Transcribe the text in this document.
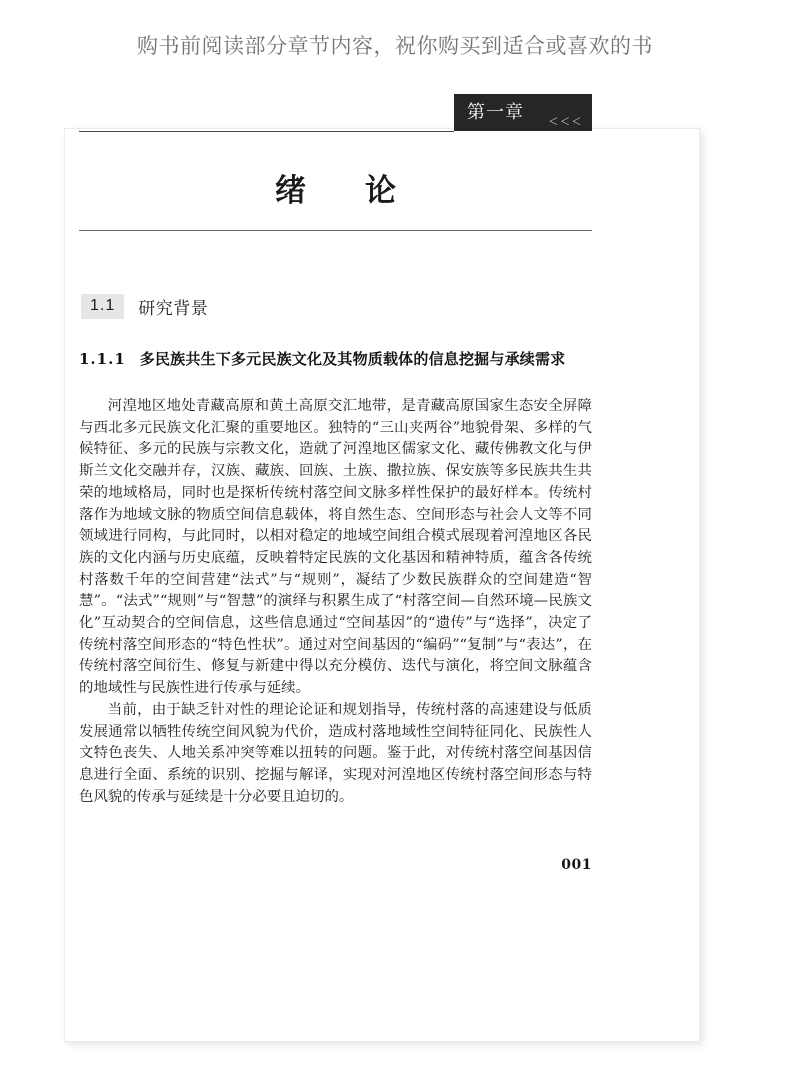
购书前阅读部分章节内容，祝你购买到适合或喜欢的书
第一章
＜＜＜
绪　论
1.1	研究背景
1.1.1 多民族共生下多元民族文化及其物质载体的信息挖掘与承续需求

河湟地区地处青藏高原和黄土高原交汇地带，是青藏高原国家生态安全屏障与西北多元民族文化汇聚的重要地区。独特的“三山夹两谷”地貌骨架、多样的气候特征、多元的民族与宗教文化，造就了河湟地区儒家文化、藏传佛教文化与伊斯兰文化交融并存，汉族、藏族、回族、土族、撒拉族、保安族等多民族共生共荣的地域格局，同时也是探析传统村落空间文脉多样性保护的最好样本。传统村落作为地域文脉的物质空间信息载体，将自然生态、空间形态与社会人文等不同领域进行同构，与此同时，以相对稳定的地域空间组合模式展现着河湟地区各民族的文化内涵与历史底蕴，反映着特定民族的文化基因和精神特质，蕴含各传统村落数千年的空间营建“法式”与“规则”，凝结了少数民族群众的空间建造“智慧”。“法式”“规则”与“智慧”的演绎与积累生成了“村落空间—自然环境—民族文化”互动契合的空间信息，这些信息通过“空间基因”的“遗传”与“选择”，决定了传统村落空间形态的“特色性状”。通过对空间基因的“编码”“复制”与“表达”，在传统村落空间衍生、修复与新建中得以充分模仿、迭代与演化，将空间文脉蕴含的地域性与民族性进行传承与延续。

当前，由于缺乏针对性的理论论证和规划指导，传统村落的高速建设与低质发展通常以牺牲传统空间风貌为代价，造成村落地域性空间特征同化、民族性人文特色丧失、人地关系冲突等难以扭转的问题。鉴于此，对传统村落空间基因信息进行全面、系统的识别、挖掘与解译，实现对河湟地区传统村落空间形态与特色风貌的传承与延续是十分必要且迫切的。

001
